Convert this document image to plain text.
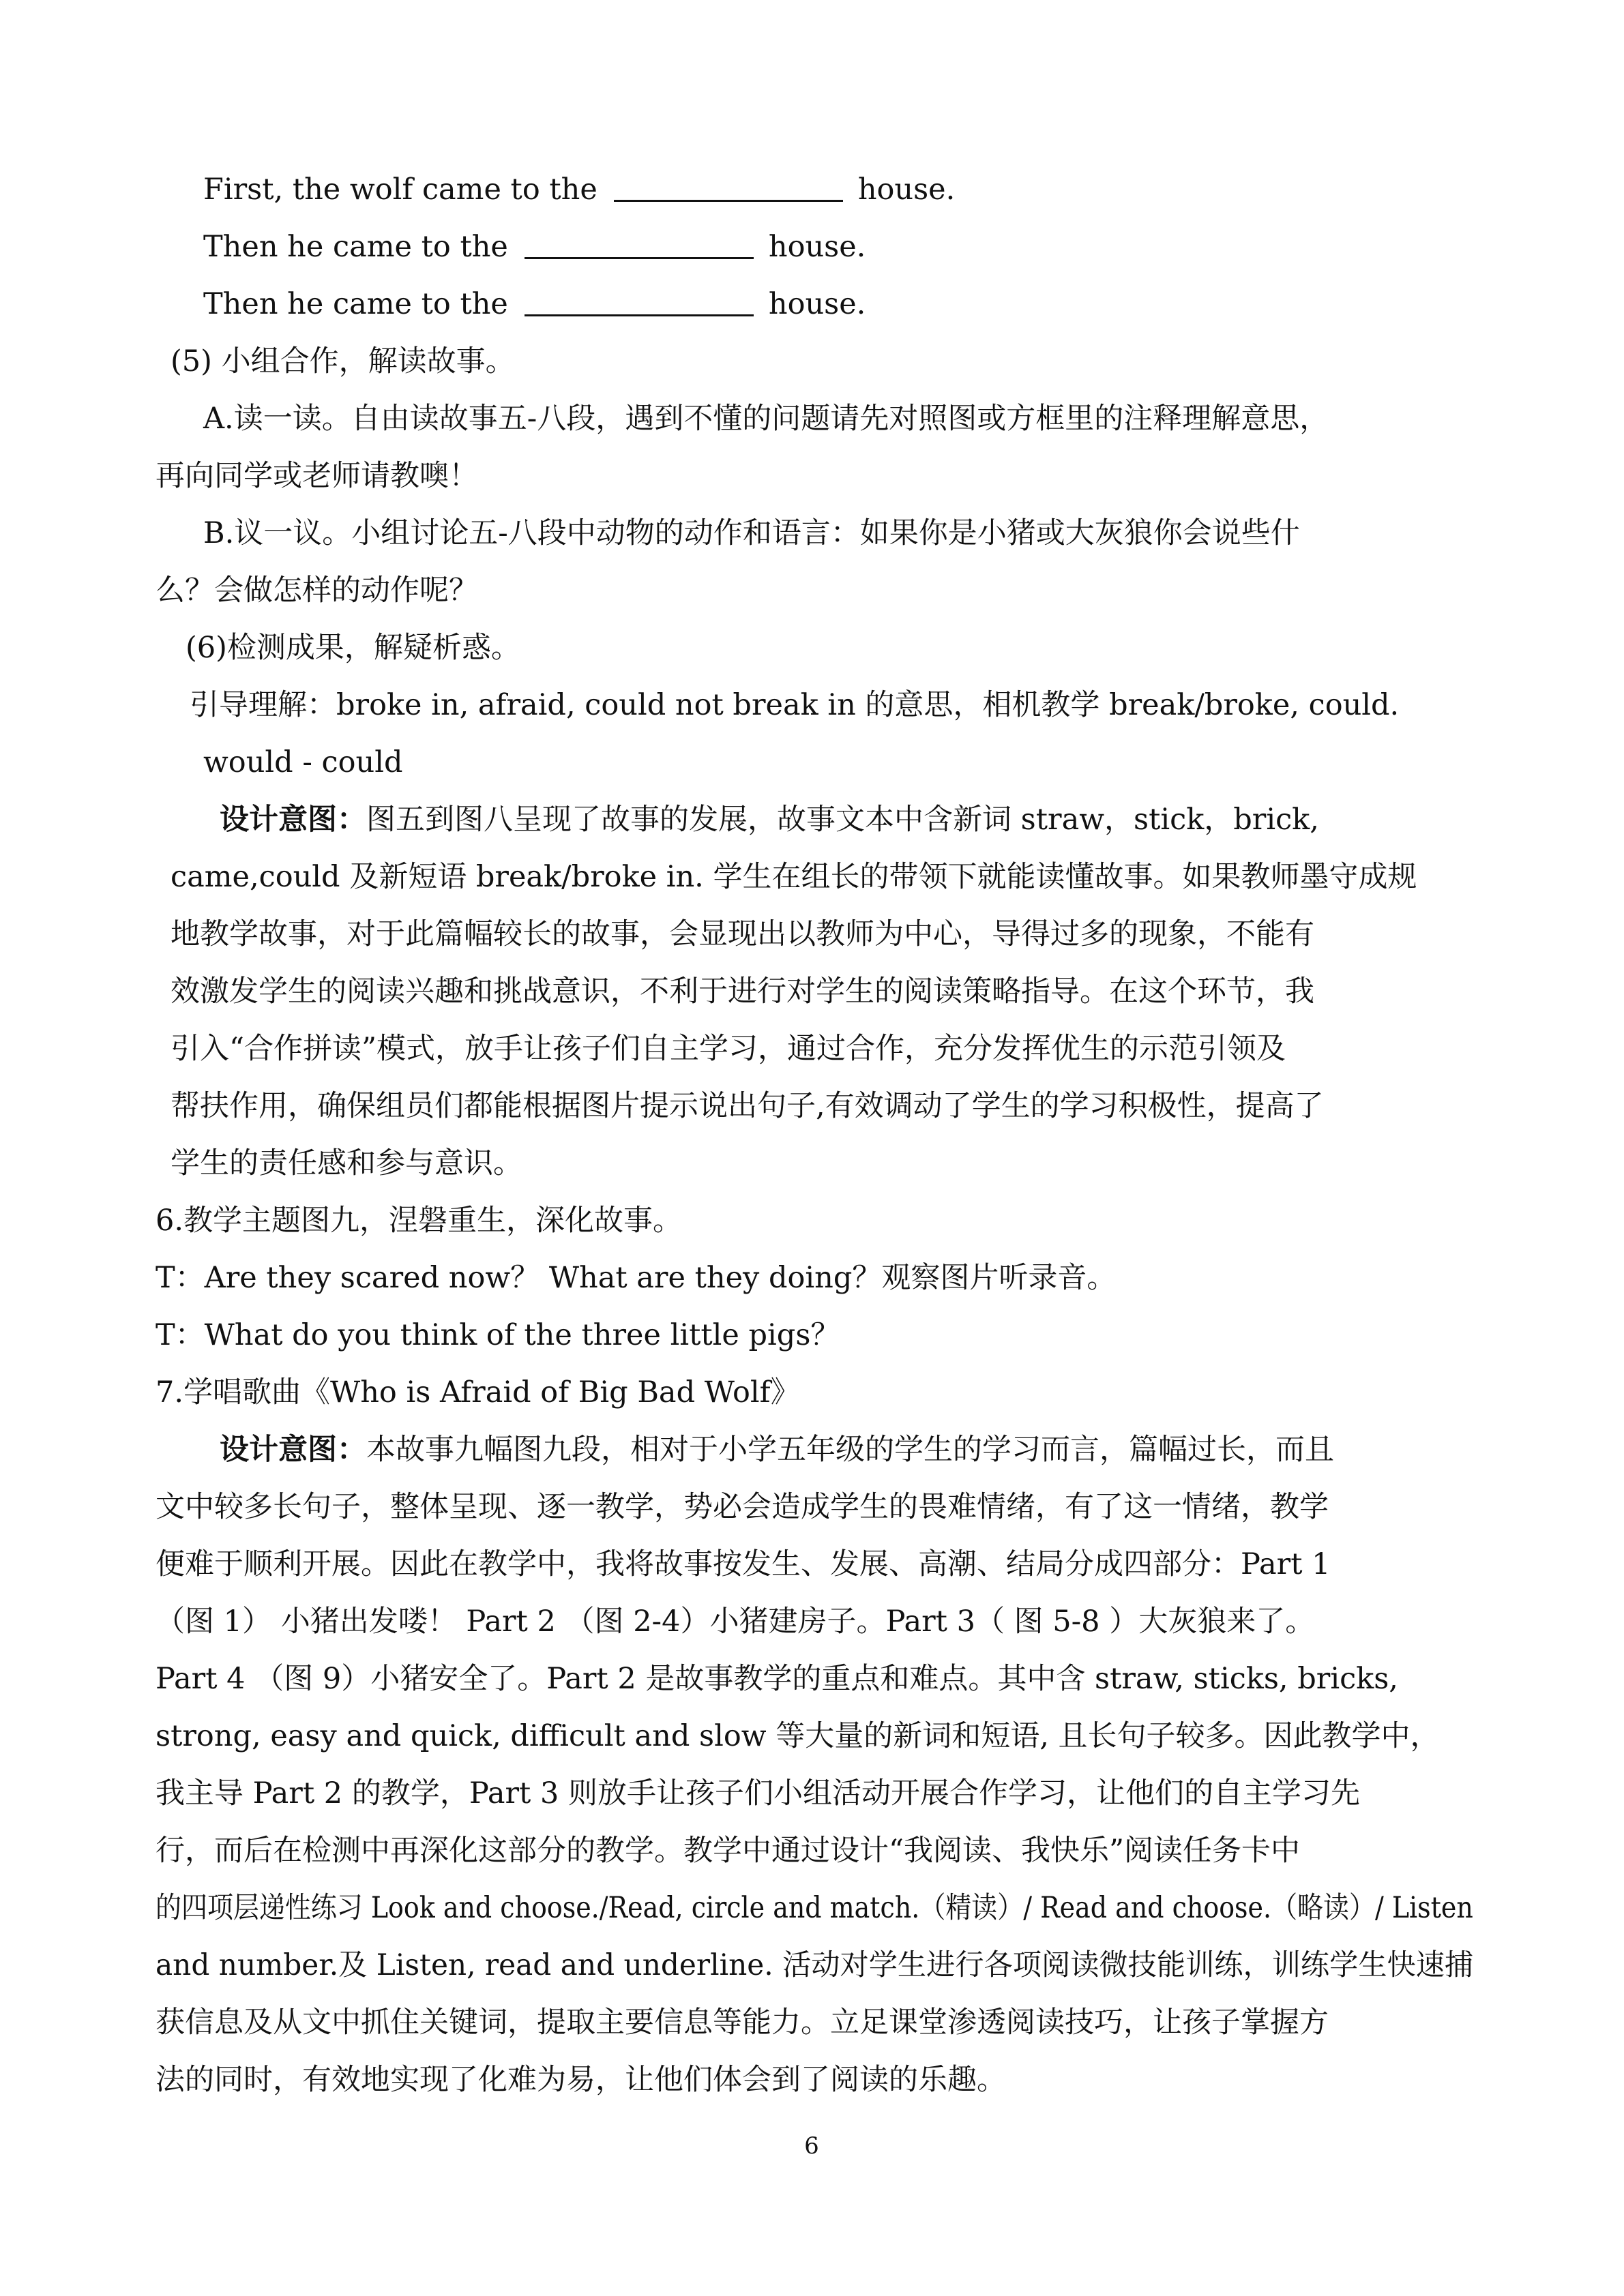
First, the wolf came to the	house.
Then he came to the	house.
Then he came to the	house.
(5) 小组合作，解读故事。
A.读一读。自由读故事五-八段，遇到不懂的问题请先对照图或方框里的注释理解意思，
再向同学或老师请教噢！
B.议一议。小组讨论五-八段中动物的动作和语言：如果你是小猪或大灰狼你会说些什
么？会做怎样的动作呢？
(6)检测成果，解疑析惑。
引导理解：broke in, afraid, could not break in 的意思，相机教学 break/broke, could.
would - could
设计意图：图五到图八呈现了故事的发展，故事文本中含新词 straw，stick，brick,
came,could 及新短语 break/broke in. 学生在组长的带领下就能读懂故事。如果教师墨守成规
地教学故事，对于此篇幅较长的故事，会显现出以教师为中心，导得过多的现象，不能有
效激发学生的阅读兴趣和挑战意识，不利于进行对学生的阅读策略指导。在这个环节，我
引入“合作拼读”模式，放手让孩子们自主学习，通过合作，充分发挥优生的示范引领及
帮扶作用，确保组员们都能根据图片提示说出句子,有效调动了学生的学习积极性，提高了
学生的责任感和参与意识。
6.教学主题图九，涅磐重生，深化故事。
T：Are they scared now？ What are they doing？观察图片听录音。
T：What do you think of the three little pigs？
7.学唱歌曲《Who is Afraid of Big Bad Wolf》
设计意图：本故事九幅图九段，相对于小学五年级的学生的学习而言，篇幅过长，而且
文中较多长句子，整体呈现、逐一教学，势必会造成学生的畏难情绪，有了这一情绪，教学
便难于顺利开展。因此在教学中，我将故事按发生、发展、高潮、结局分成四部分：Part 1
（图 1） 小猪出发喽！ Part 2 （图 2-4）小猪建房子。Part 3（ 图 5-8 ）大灰狼来了。
Part 4 （图 9）小猪安全了。Part 2 是故事教学的重点和难点。其中含 straw, sticks, bricks,
strong, easy and quick, difficult and slow 等大量的新词和短语, 且长句子较多。因此教学中，
我主导 Part 2 的教学，Part 3 则放手让孩子们小组活动开展合作学习，让他们的自主学习先
行，而后在检测中再深化这部分的教学。教学中通过设计“我阅读、我快乐”阅读任务卡中
的四项层递性练习 Look and choose./Read, circle and match.（精读）/ Read and choose.（略读）/ Listen
and number.及 Listen, read and underline. 活动对学生进行各项阅读微技能训练，训练学生快速捕
获信息及从文中抓住关键词，提取主要信息等能力。立足课堂渗透阅读技巧，让孩子掌握方
法的同时，有效地实现了化难为易，让他们体会到了阅读的乐趣。
6
